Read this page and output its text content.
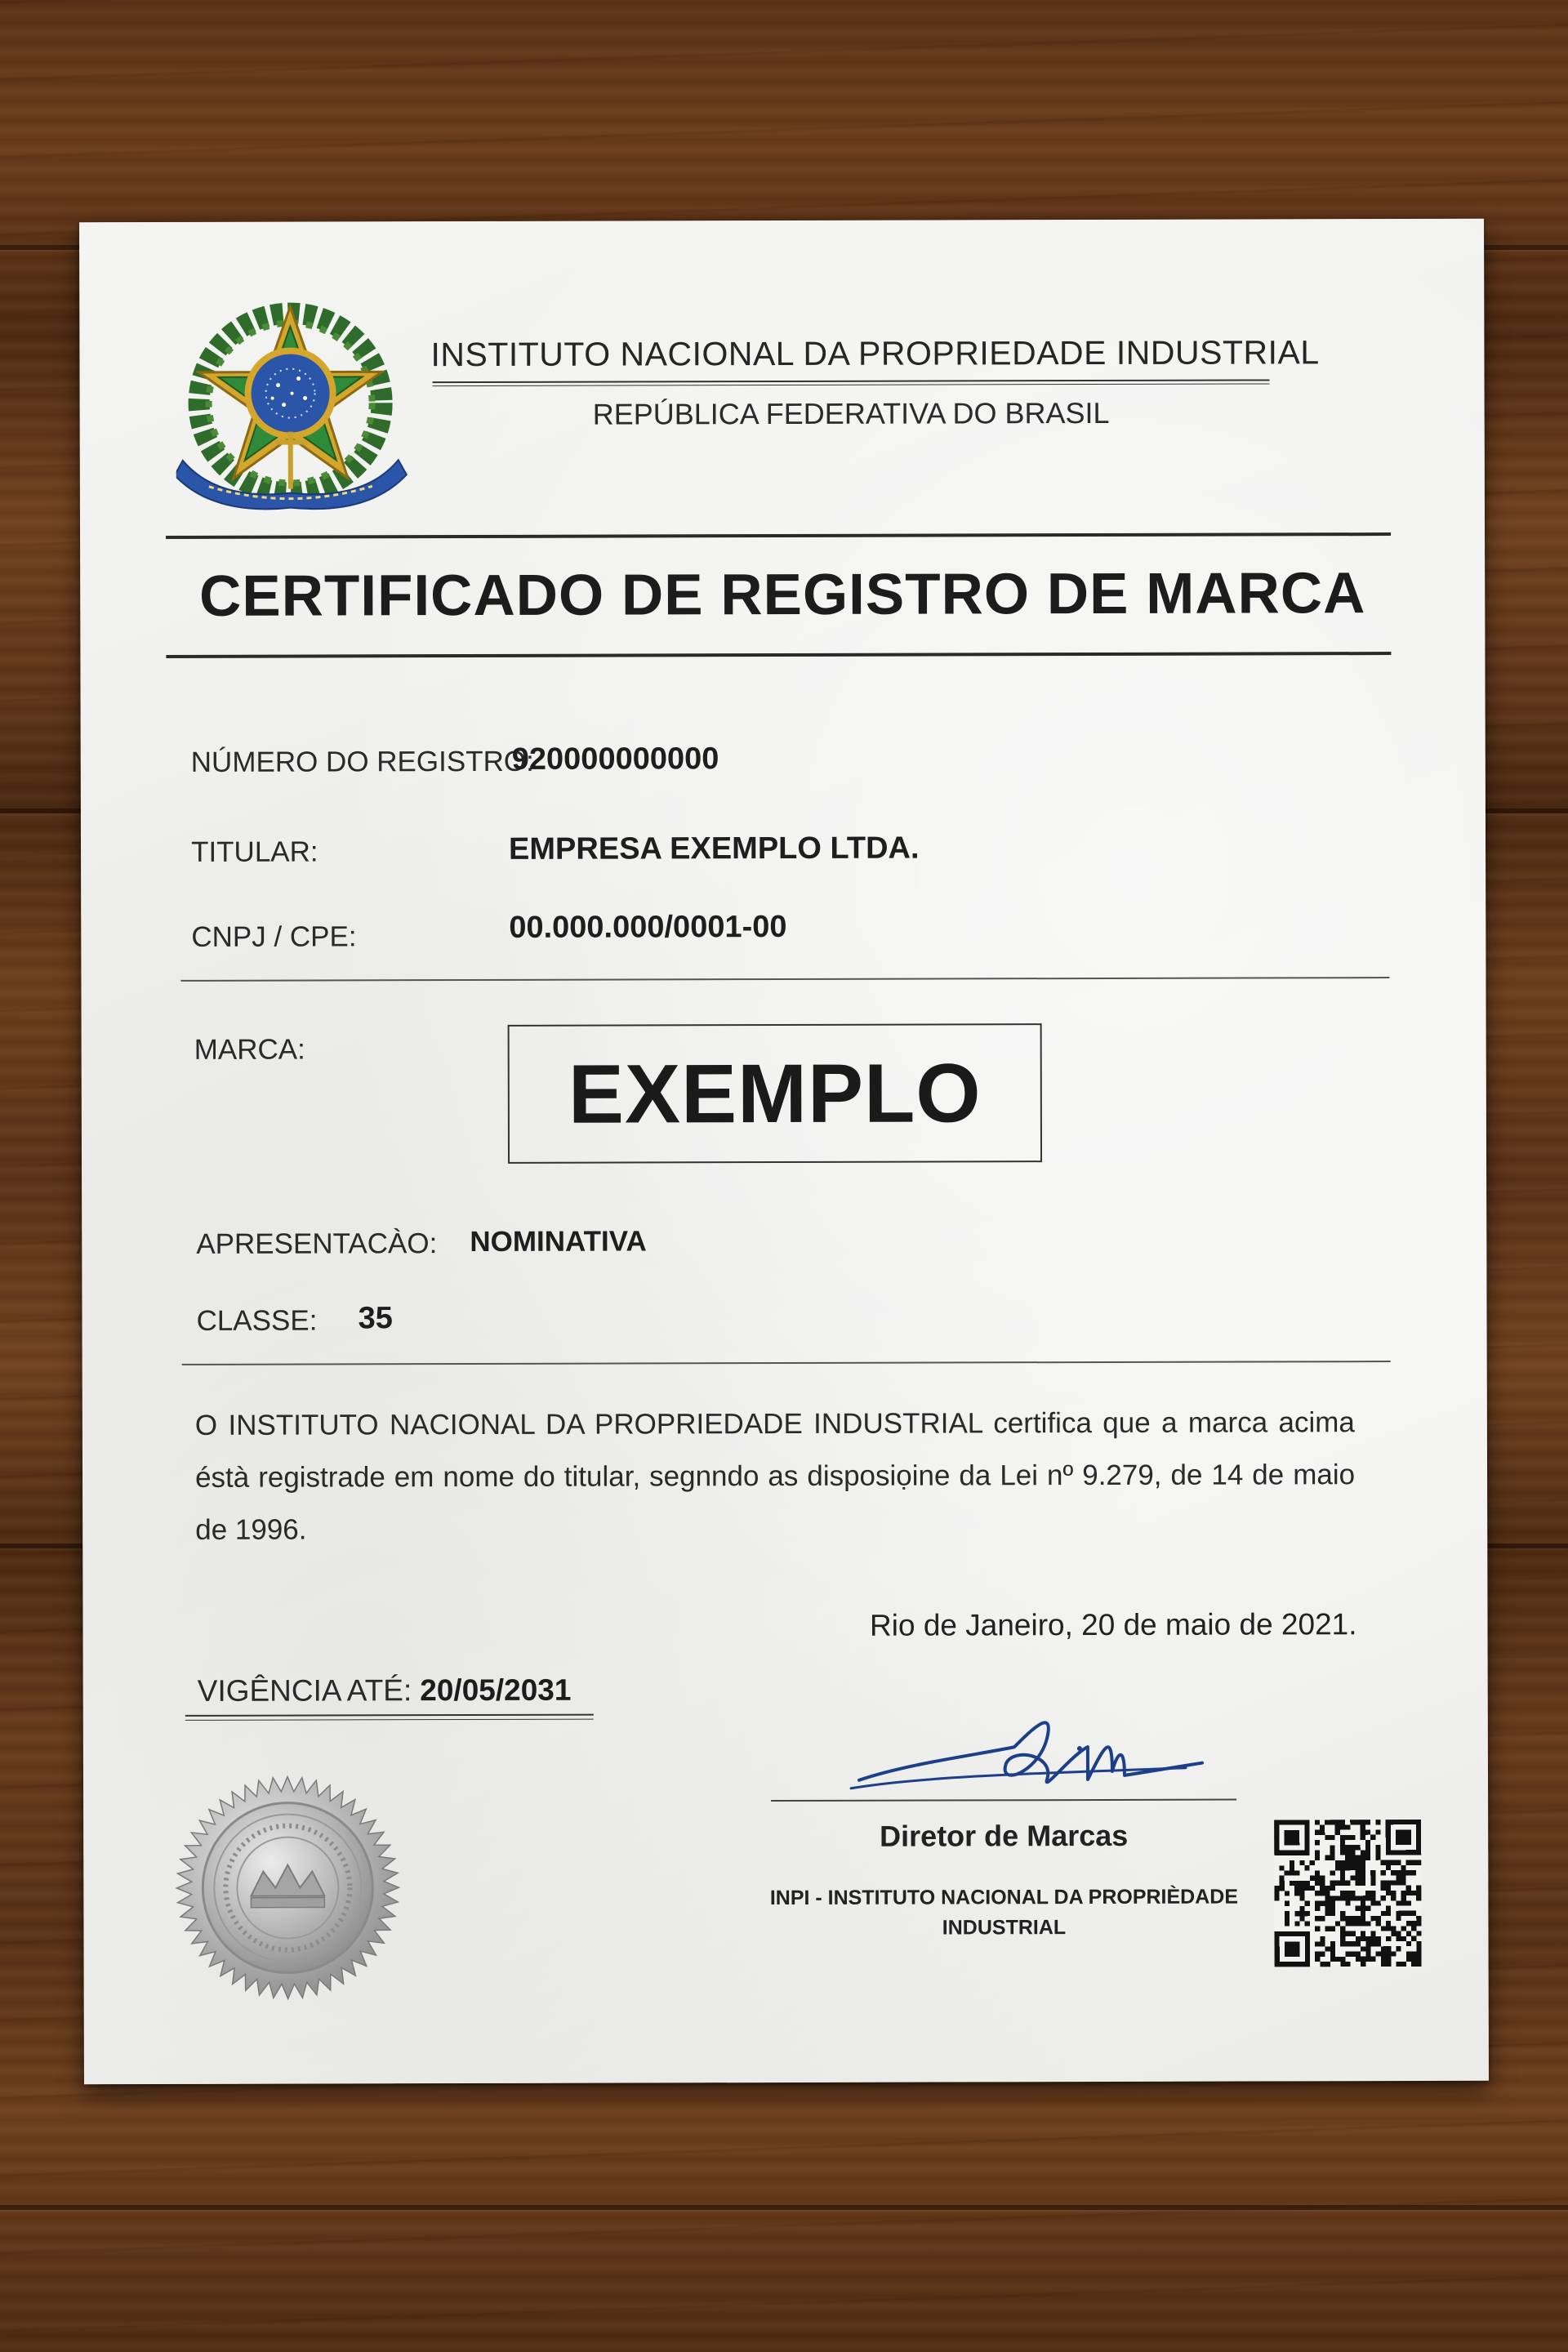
INSTITUTO NACIONAL DA PROPRIEDADE INDUSTRIAL
REPÚBLICA FEDERATIVA DO BRASIL
CERTIFICADO DE REGISTRO DE MARCA
NÚMERO DO REGISTRO:
920000000000
TITULAR:	EMPRESA EXEMPLO LTDA.
CNPJ / CPE:	00.000.000/0001-00
MARCA:	EXEMPLO
APRESENTACÀO: NOMINATIVA
CLASSE: 35
O INSTITUTO NACIONAL DA PROPRIEDADE INDUSTRIAL certifica que a marca acima éstà registrade em nome do titular, segnndo as disposiọine da Lei nº 9.279, de 14 de maio de 1996.
Rio de Janeiro, 20 de maio de 2021.
VIGÊNCIA ATÉ: 20/05/2031
Diretor de Marcas
INPI - INSTITUTO NACIONAL DA PROPRIÈDADE INDUSTRIAL
